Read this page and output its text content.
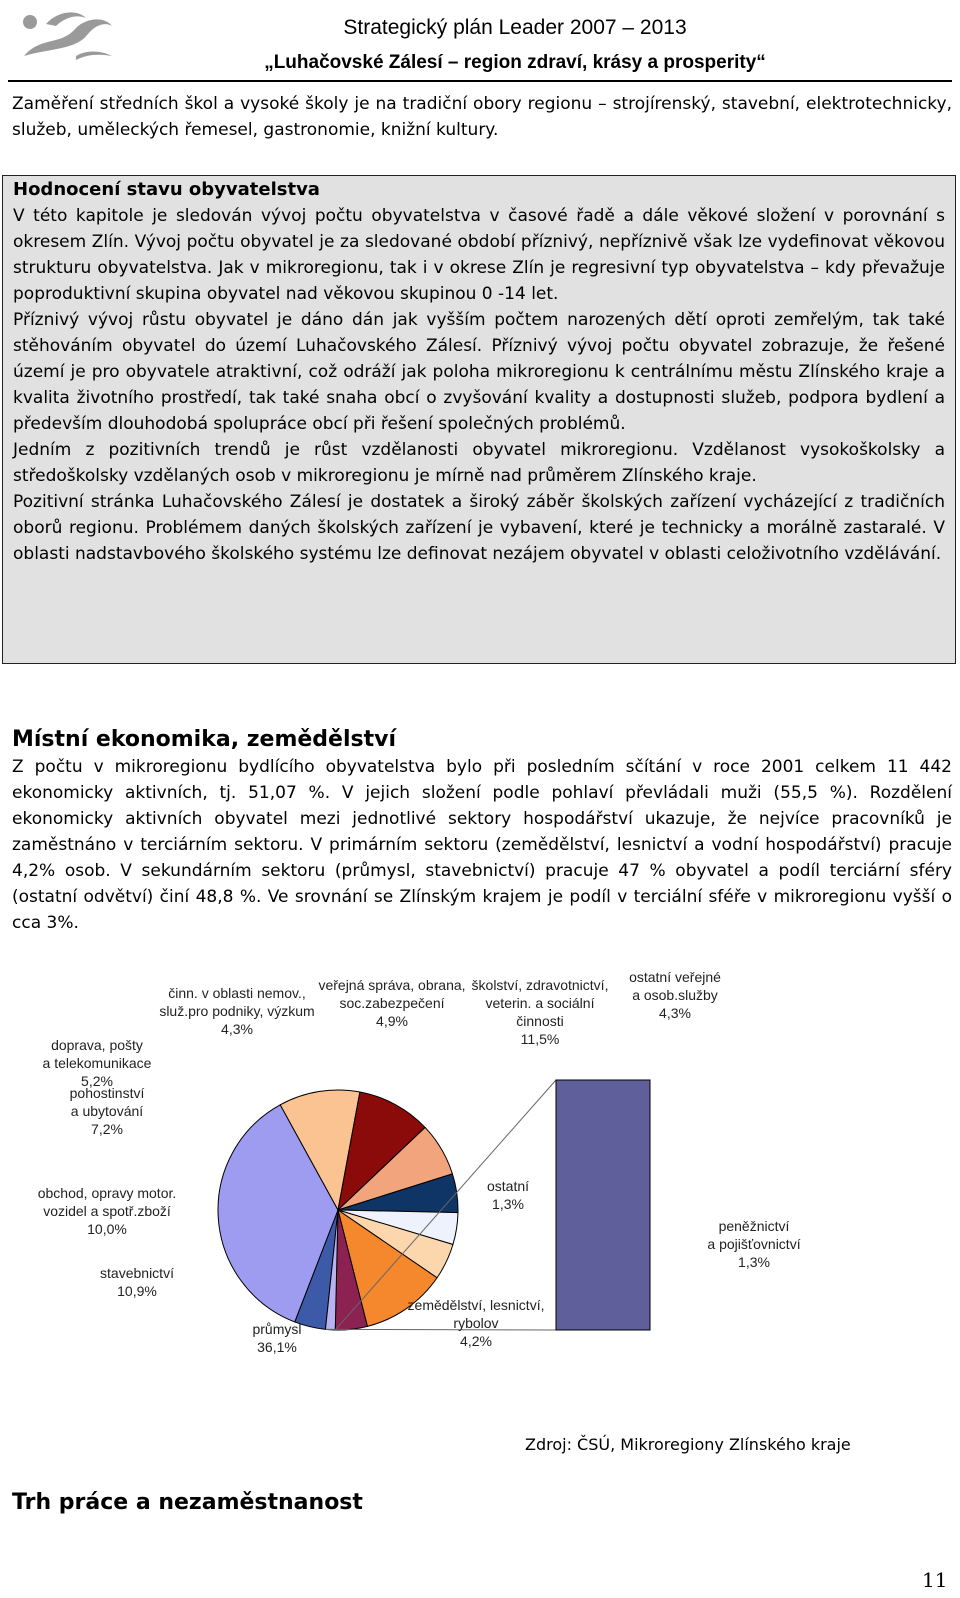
Strategický plán Leader 2007 – 2013
„Luhačovské Zálesí – region zdraví, krásy a prosperity“
Zaměření středních škol a vysoké školy je na tradiční obory regionu – strojírenský, stavební, elektrotechnicky, služeb, uměleckých řemesel, gastronomie, knižní kultury.
Hodnocení stavu obyvatelstva

V této kapitole je sledován vývoj počtu obyvatelstva v časové řadě a dále věkové složení v porovnání s okresem Zlín. Vývoj počtu obyvatel je za sledované období příznivý, nepříznivě však lze vydefinovat věkovou strukturu obyvatelstva. Jak v mikroregionu, tak i v okrese Zlín je regresivní typ obyvatelstva – kdy převažuje poproduktivní skupina obyvatel nad věkovou skupinou 0 -14 let.

Příznivý vývoj růstu obyvatel je dáno dán jak vyšším počtem narozených dětí oproti zemřelým, tak také stěhováním obyvatel do území Luhačovského Zálesí. Příznivý vývoj počtu obyvatel zobrazuje, že řešené území je pro obyvatele atraktivní, což odráží jak poloha mikroregionu k centrálnímu městu Zlínského kraje a kvalita životního prostředí, tak také snaha obcí o zvyšování kvality a dostupnosti služeb, podpora bydlení a především dlouhodobá spolupráce obcí při řešení společných problémů.

Jedním z pozitivních trendů je růst vzdělanosti obyvatel mikroregionu. Vzdělanost vysokoškolsky a středoškolsky vzdělaných osob v mikroregionu je mírně nad průměrem Zlínského kraje.

Pozitivní stránka Luhačovského Zálesí je dostatek a široký záběr školských zařízení vycházející z tradičních oborů regionu. Problémem daných školských zařízení je vybavení, které je technicky a morálně zastaralé. V oblasti nadstavbového školského systému lze definovat nezájem obyvatel v oblasti celoživotního vzdělávání.

Místní ekonomika, zemědělství
Z počtu v mikroregionu bydlícího obyvatelstva bylo při posledním sčítání v roce 2001 celkem 11 442 ekonomicky aktivních, tj. 51,07 %. V jejich složení podle pohlaví převládali muži (55,5 %). Rozdělení ekonomicky aktivních obyvatel mezi jednotlivé sektory hospodářství ukazuje, že nejvíce pracovníků je zaměstnáno v terciárním sektoru. V primárním sektoru (zemědělství, lesnictví a vodní hospodářství) pracuje 4,2% osob. V sekundárním sektoru (průmysl, stavebnictví) pracuje 47 % obyvatel a podíl terciární sféry (ostatní odvětví) činí 48,8 %. Ve srovnání se Zlínským krajem je podíl v terciální sféře v mikroregionu vyšší o cca 3%.
zemědělství, lesnictví,
rybolov
4,2%
průmysl
36,1%
stavebnictví
10,9%
obchod, opravy motor.
vozidel a spotř.zboží
10,0%
pohostinství
a ubytování
7,2%
doprava, pošty
a telekomunikace
5,2%
činn. v oblasti nemov.,
služ.pro podniky, výzkum
4,3%
veřejná správa, obrana,
soc.zabezpečení
4,9%
školství, zdravotnictví,
veterin. a sociální
činnosti
11,5%
ostatní veřejné
a osob.služby
4,3%
ostatní
1,3%
peněžnictví
a pojišťovnictví
1,3%
Zdroj: ČSÚ, Mikroregiony Zlínského kraje
Trh práce a nezaměstnanost
11
